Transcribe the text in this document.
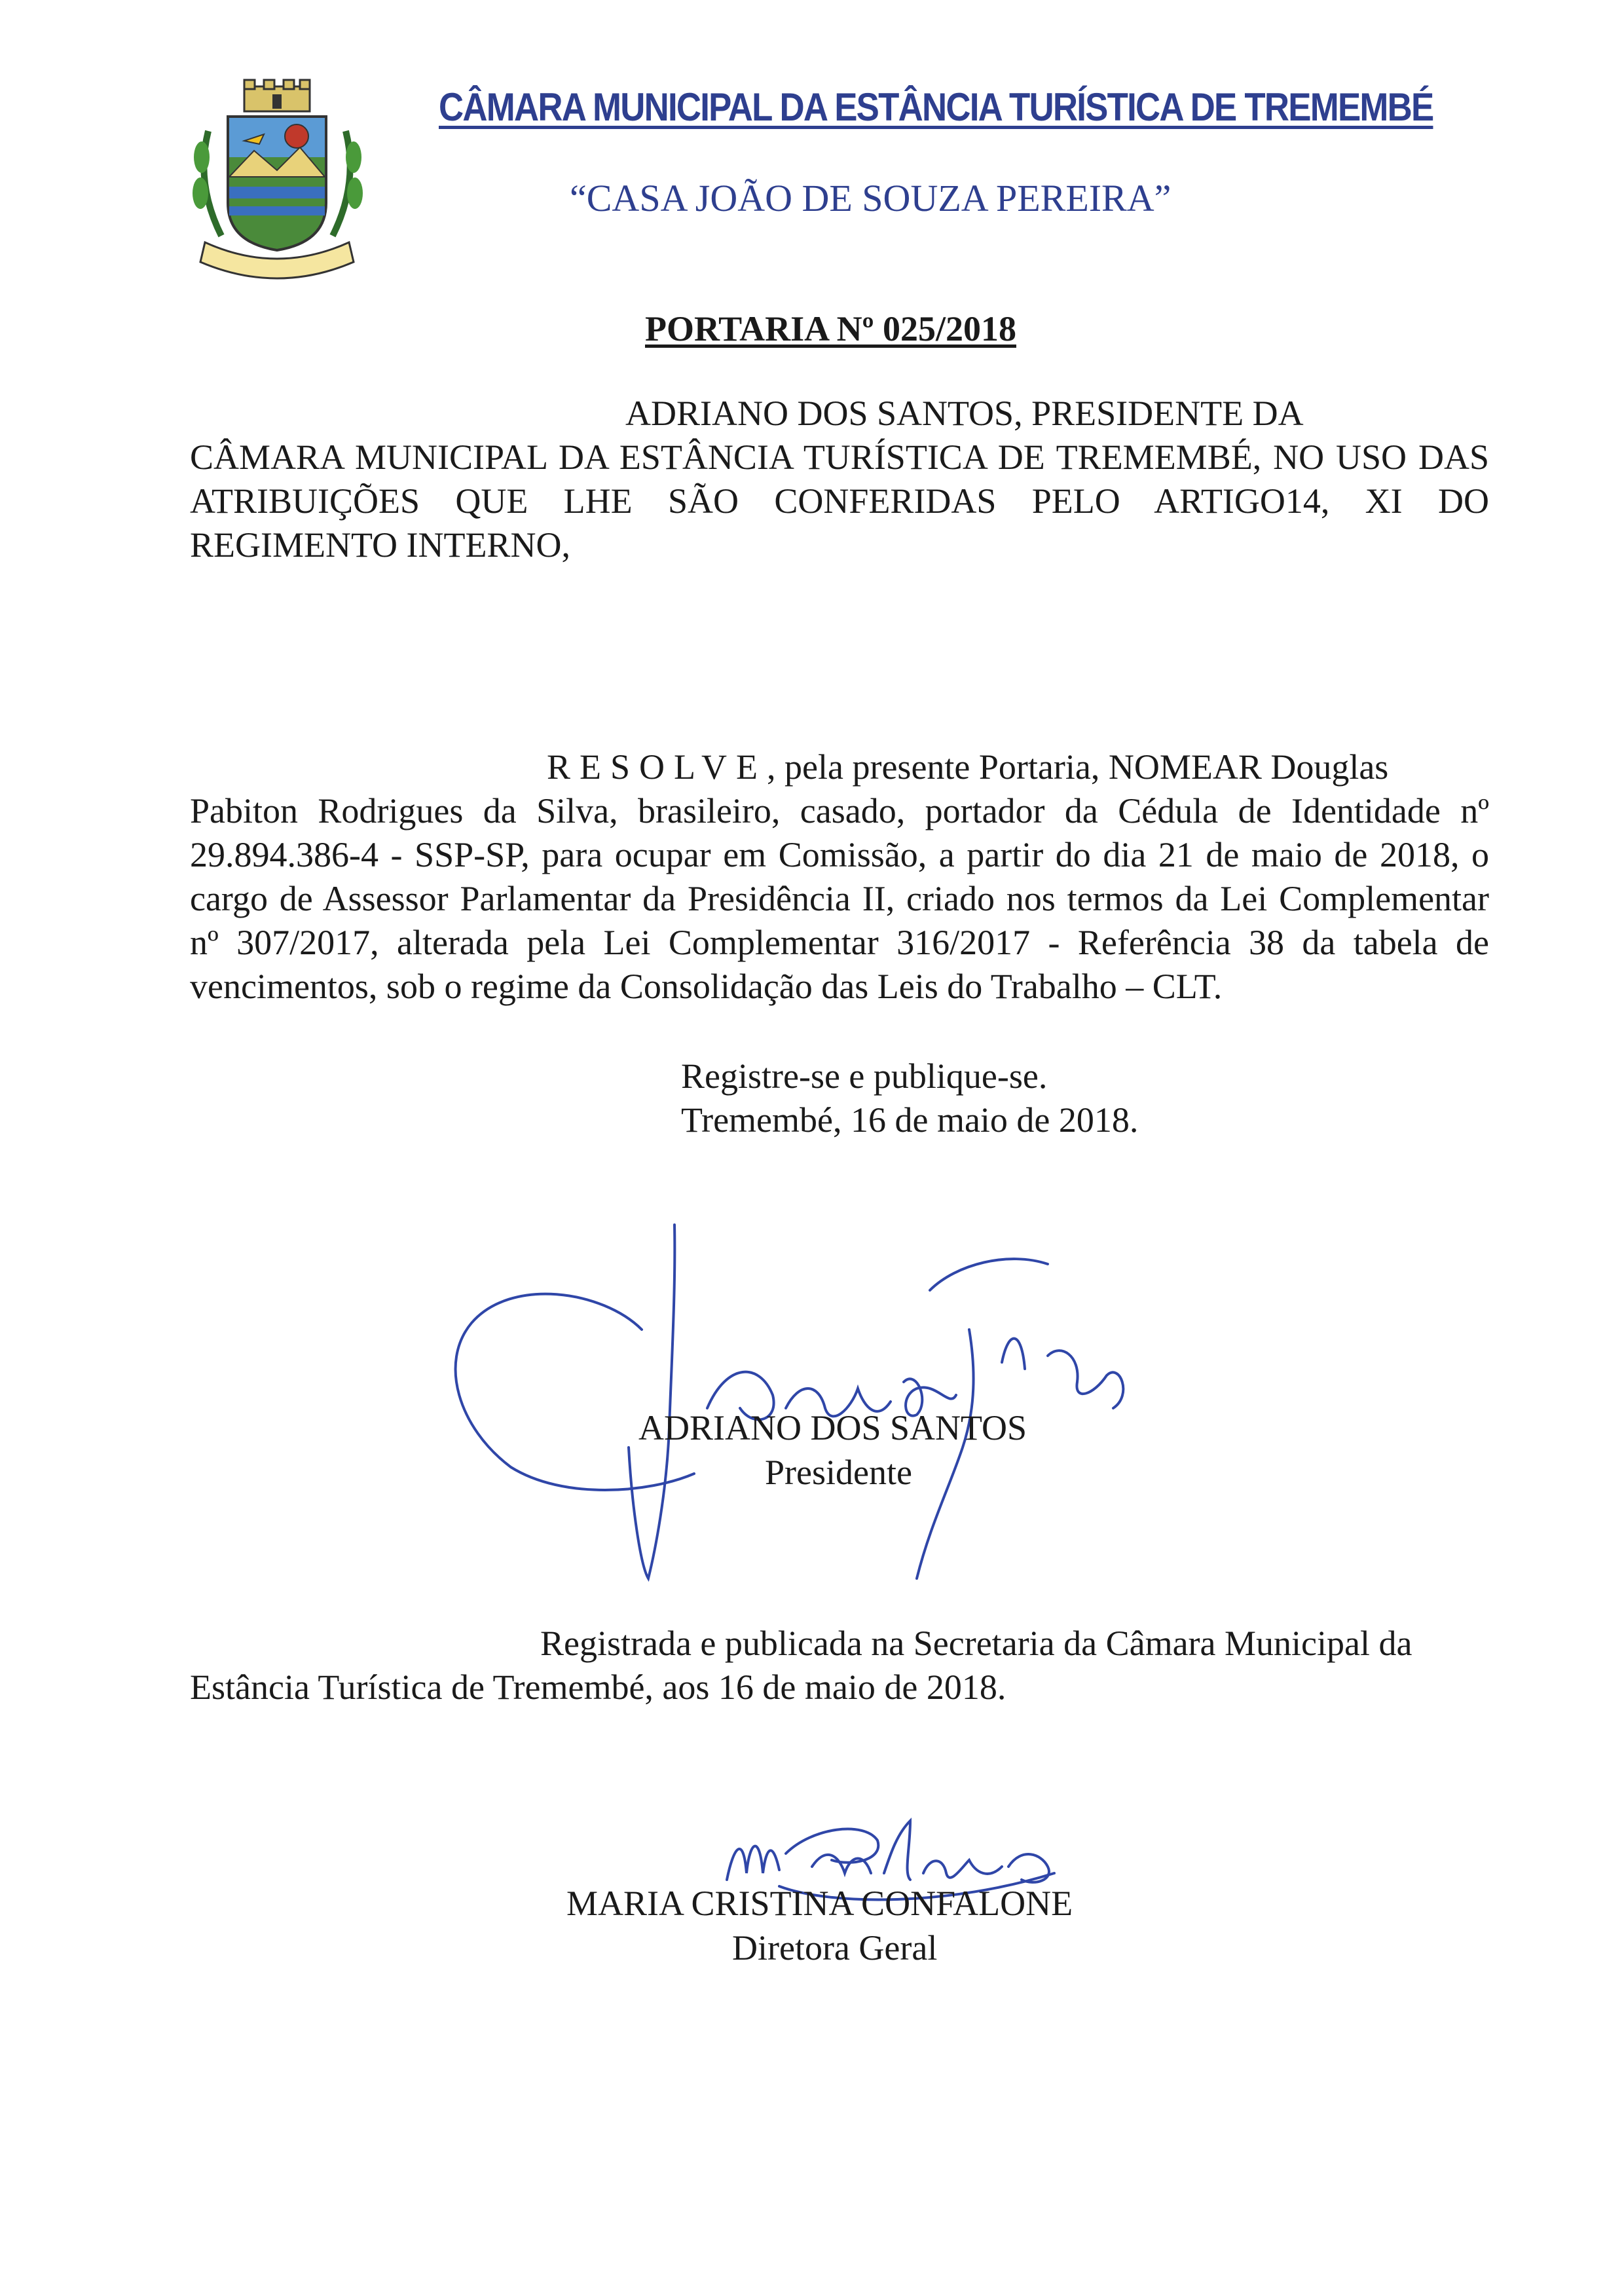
CÂMARA MUNICIPAL DA ESTÂNCIA TURÍSTICA DE TREMEMBÉ
“CASA JOÃO DE SOUZA PEREIRA”
PORTARIA Nº 025/2018
ADRIANO DOS SANTOS, PRESIDENTE DA
CÂMARA MUNICIPAL DA ESTÂNCIA TURÍSTICA DE TREMEMBÉ, NO USO DAS ATRIBUIÇÕES QUE LHE SÃO CONFERIDAS PELO ARTIGO14, XI DO REGIMENTO INTERNO,
RESOLVE, pela presente Portaria, NOMEAR Douglas
Pabiton Rodrigues da Silva, brasileiro, casado, portador da Cédula de Identidade nº 29.894.386-4 - SSP-SP, para ocupar em Comissão, a partir do dia 21 de maio de 2018, o cargo de Assessor Parlamentar da Presidência II, criado nos termos da Lei Complementar nº 307/2017, alterada pela Lei Complementar 316/2017 - Referência 38 da tabela de vencimentos, sob o regime da Consolidação das Leis do Trabalho – CLT.
Registre-se e publique-se.
Tremembé, 16 de maio de 2018.
ADRIANO DOS SANTOS
Presidente
Registrada e publicada na Secretaria da Câmara Municipal da
Estância Turística de Tremembé, aos 16 de maio de 2018.
MARIA CRISTINA CONFALONE
Diretora Geral
